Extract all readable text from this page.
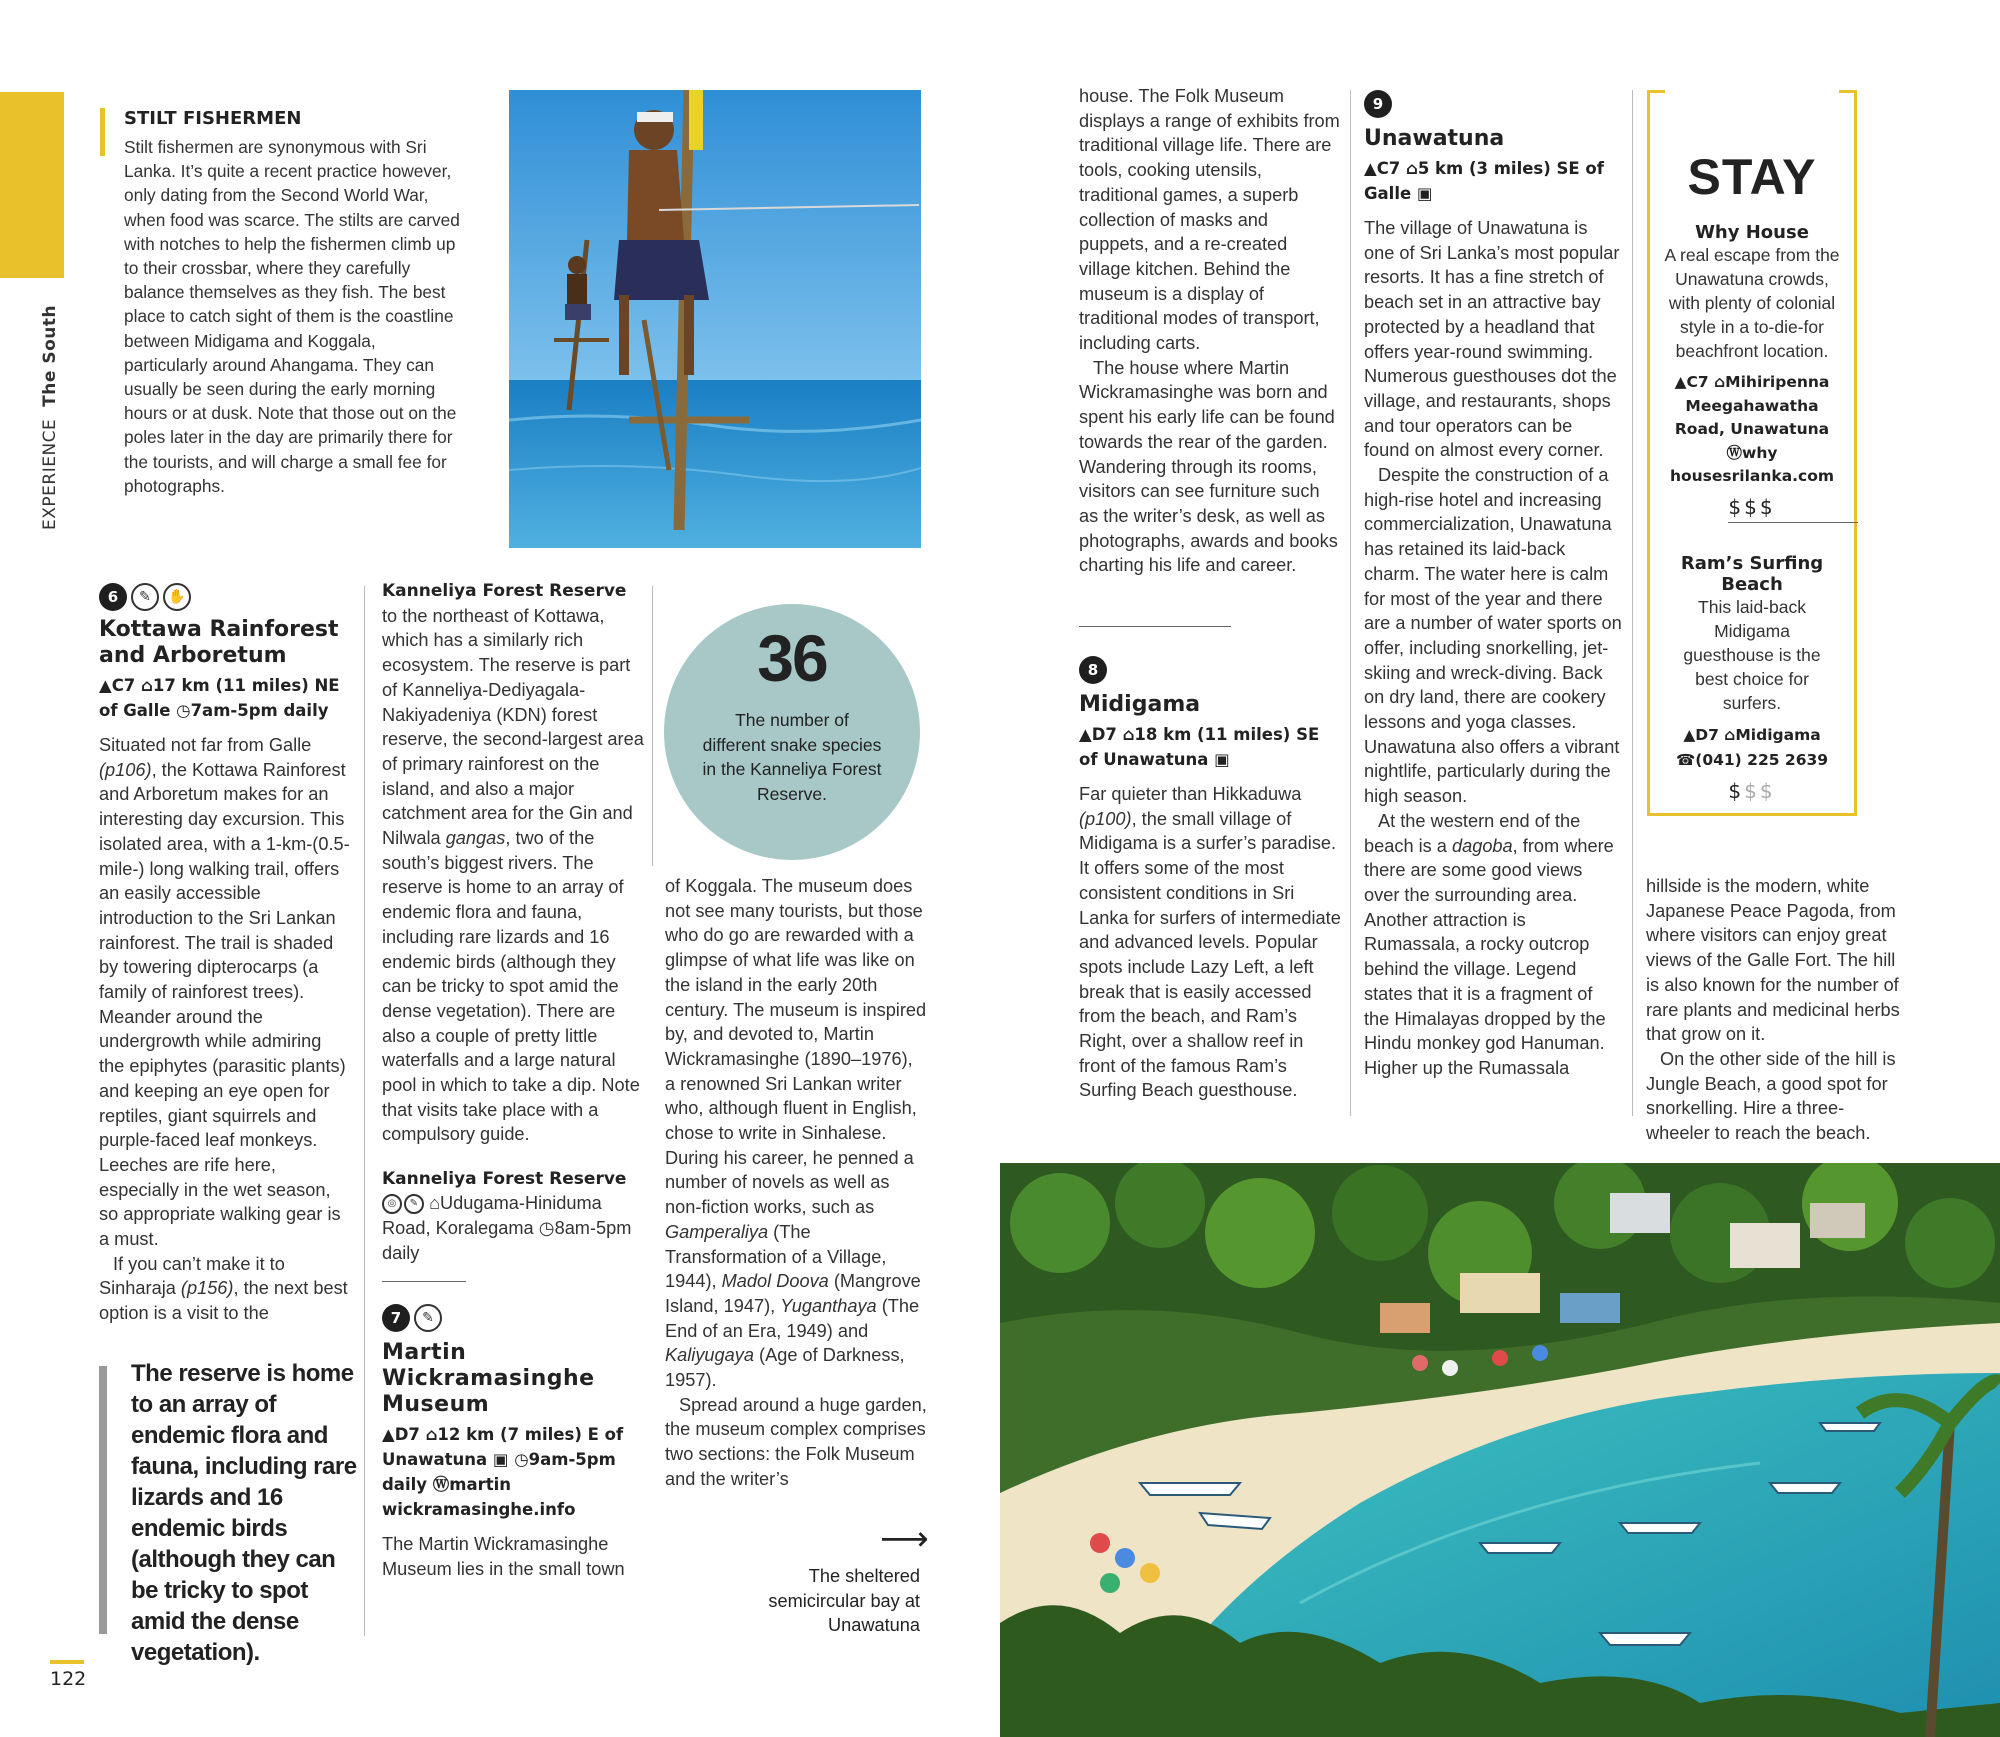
EXPERIENCE The South
122

STILT FISHERMEN

Stilt fishermen are synonymous with Sri Lanka. It’s quite a recent practice however, only dating from the Second World War, when food was scarce. The stilts are carved with notches to help the fishermen climb up to their crossbar, where they carefully balance themselves as they fish. The best place to catch sight of them is the coastline between Midigama and Koggala, particularly around Ahangama. They can usually be seen during the early morning hours or at dusk. Note that those out on the poles later in the day are primarily there for the tourists, and will charge a small fee for photographs.

6 ✎ ✋
Kottawa Rainforest and Arboretum

▲C7 ⌂17 km (11 miles) NE of Galle ◷7am-5pm daily

Situated not far from Galle (p106), the Kottawa Rainforest and Arboretum makes for an interesting day excursion. This isolated area, with a 1-km-(0.5-mile-) long walking trail, offers an easily accessible introduction to the Sri Lankan rainforest. The trail is shaded by towering dipterocarps (a family of rainforest trees). Meander around the undergrowth while admiring the epiphytes (parasitic plants) and keeping an eye open for reptiles, giant squirrels and purple-faced leaf monkeys. Leeches are rife here, especially in the wet season, so appropriate walking gear is a must.

If you can’t make it to Sinharaja (p156), the next best option is a visit to the

The reserve is home to an array of endemic flora and fauna, including rare lizards and 16 endemic birds (although they can be tricky to spot amid the dense vegetation).

Kanneliya Forest Reserve to the northeast of Kottawa, which has a similarly rich ecosystem. The reserve is part of Kanneliya-Dediyagala-Nakiyadeniya (KDN) forest reserve, the second-largest area of primary rainforest on the island, and also a major catchment area for the Gin and Nilwala gangas, two of the south’s biggest rivers. The reserve is home to an array of endemic flora and fauna, including rare lizards and 16 endemic birds (although they can be tricky to spot amid the dense vegetation). There are also a couple of pretty little waterfalls and a large natural pool in which to take a dip. Note that visits take place with a compulsory guide.

Kanneliya Forest Reserve

◎ ✎ ⌂Udugama-Hiniduma Road, Koralegama ◷8am-5pm daily
7 ✎
Martin Wickramasinghe Museum

▲D7 ⌂12 km (7 miles) E of Unawatuna ▣ ◷9am-5pm daily Ⓦmartin wickramasinghe.info

The Martin Wickramasinghe Museum lies in the small town

36
The number of different snake species in the Kanneliya Forest Reserve.

of Koggala. The museum does not see many tourists, but those who do go are rewarded with a glimpse of what life was like on the island in the early 20th century. The museum is inspired by, and devoted to, Martin Wickramasinghe (1890–1976), a renowned Sri Lankan writer who, although fluent in English, chose to write in Sinhalese. During his career, he penned a number of novels as well as non-fiction works, such as Gamperaliya (The Transformation of a Village, 1944), Madol Doova (Mangrove Island, 1947), Yuganthaya (The End of an Era, 1949) and Kaliyugaya (Age of Darkness, 1957).

Spread around a huge garden, the museum complex comprises two sections: the Folk Museum and the writer’s

⟶
The sheltered semicircular bay at Unawatuna

house. The Folk Museum displays a range of exhibits from traditional village life. There are tools, cooking utensils, traditional games, a superb collection of masks and puppets, and a re-created village kitchen. Behind the museum is a display of traditional modes of transport, including carts.

The house where Martin Wickramasinghe was born and spent his early life can be found towards the rear of the garden. Wandering through its rooms, visitors can see furniture such as the writer’s desk, as well as photographs, awards and books charting his life and career.

8
Midigama

▲D7 ⌂18 km (11 miles) SE of Unawatuna ▣

Far quieter than Hikkaduwa (p100), the small village of Midigama is a surfer’s paradise. It offers some of the most consistent conditions in Sri Lanka for surfers of intermediate and advanced levels. Popular spots include Lazy Left, a left break that is easily accessed from the beach, and Ram’s Right, over a shallow reef in front of the famous Ram’s Surfing Beach guesthouse.

9
Unawatuna

▲C7 ⌂5 km (3 miles) SE of Galle ▣

The village of Unawatuna is one of Sri Lanka’s most popular resorts. It has a fine stretch of beach set in an attractive bay protected by a headland that offers year-round swimming. Numerous guesthouses dot the village, and restaurants, shops and tour operators can be found on almost every corner.

Despite the construction of a high-rise hotel and increasing commercialization, Unawatuna has retained its laid-back charm. The water here is calm for most of the year and there are a number of water sports on offer, including snorkelling, jet-skiing and wreck-diving. Back on dry land, there are cookery lessons and yoga classes. Unawatuna also offers a vibrant nightlife, particularly during the high season.

At the western end of the beach is a dagoba, from where there are some good views over the surrounding area. Another attraction is Rumassala, a rocky outcrop behind the village. Legend states that it is a fragment of the Himalayas dropped by the Hindu monkey god Hanuman. Higher up the Rumassala

STAY

Why House

A real escape from the Unawatuna crowds, with plenty of colonial style in a to-die-for beachfront location.

▲C7 ⌂Mihiripenna Meegahawatha Road, Unawatuna Ⓦwhy housesrilanka.com

$$$

Ram’s Surfing Beach

This laid-back Midigama guesthouse is the best choice for surfers.

▲D7 ⌂Midigama ☎(041) 225 2639

$$$

hillside is the modern, white Japanese Peace Pagoda, from where visitors can enjoy great views of the Galle Fort. The hill is also known for the number of rare plants and medicinal herbs that grow on it.

On the other side of the hill is Jungle Beach, a good spot for snorkelling. Hire a three-wheeler to reach the beach.
